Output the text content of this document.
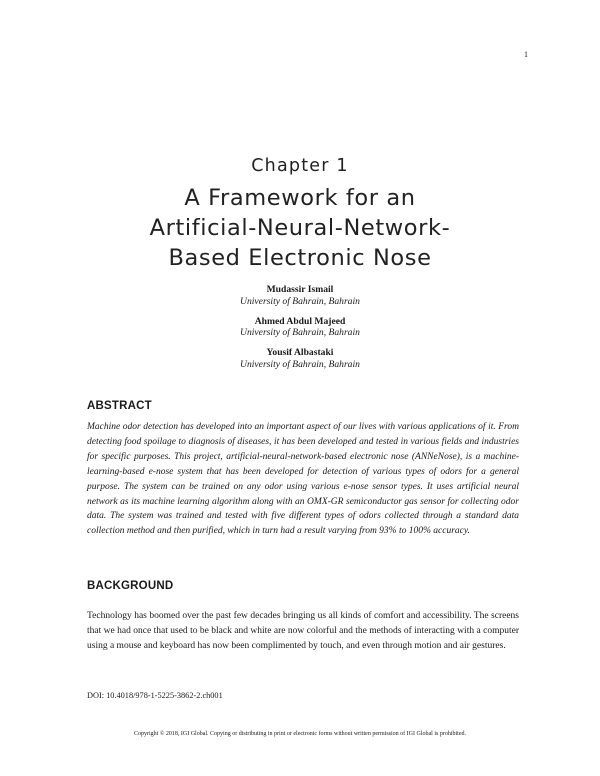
1
Chapter 1
A Framework for an
Artificial-Neural-Network-
Based Electronic Nose
Mudassir Ismail
University of Bahrain, Bahrain
Ahmed Abdul Majeed
University of Bahrain, Bahrain
Yousif Albastaki
University of Bahrain, Bahrain
ABSTRACT

Machine odor detection has developed into an important aspect of our lives with various applications of it. From detecting food spoilage to diagnosis of diseases, it has been developed and tested in various fields and industries for specific purposes. This project, artificial-neural-network-based electronic nose (ANNeNose), is a machine-learning-based e-nose system that has been developed for detection of various types of odors for a general purpose. The system can be trained on any odor using various e-nose sensor types. It uses artificial neural network as its machine learning algorithm along with an OMX-GR semiconductor gas sensor for collecting odor data. The system was trained and tested with five different types of odors collected through a standard data collection method and then purified, which in turn had a result varying from 93% to 100% accuracy.

BACKGROUND

Technology has boomed over the past few decades bringing us all kinds of comfort and accessibility. The screens that we had once that used to be black and white are now colorful and the methods of interacting with a computer using a mouse and keyboard has now been complimented by touch, and even through motion and air gestures.

DOI: 10.4018/978-1-5225-3862-2.ch001
Copyright © 2018, IGI Global. Copying or distributing in print or electronic forms without written permission of IGI Global is prohibited.
